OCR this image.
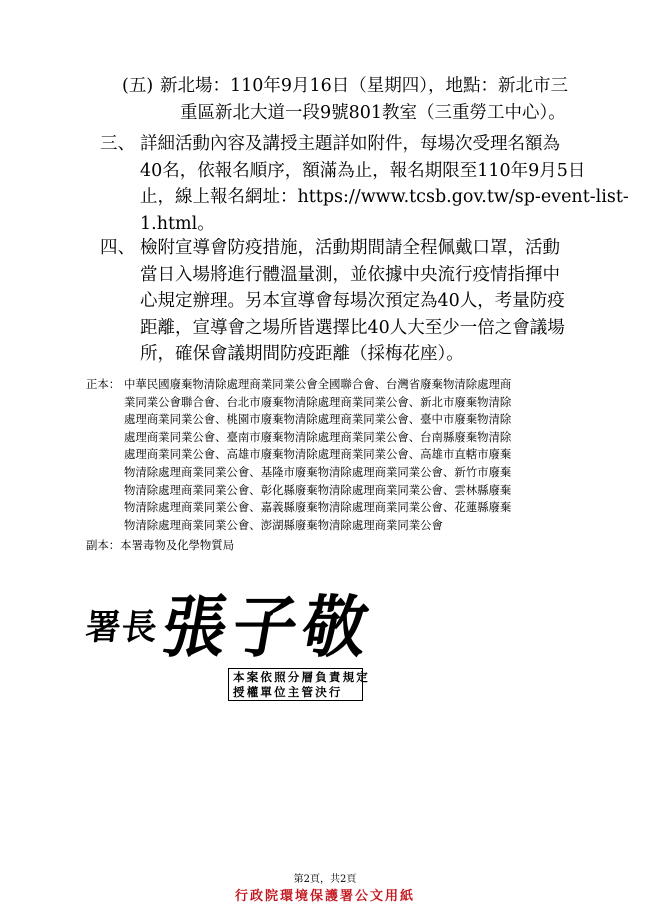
(五) 新北場：110年9月16日（星期四），地點：新北市三
重區新北大道一段9號801教室（三重勞工中心）。
三、 詳細活動內容及講授主題詳如附件，每場次受理名額為
40名，依報名順序，額滿為止，報名期限至110年9月5日
止，線上報名網址：https://www.tcsb.gov.tw/sp-event-list-
1.html。
四、 檢附宣導會防疫措施，活動期間請全程佩戴口罩，活動
當日入場將進行體溫量測，並依據中央流行疫情指揮中
心規定辦理。另本宣導會每場次預定為40人，考量防疫
距離，宣導會之場所皆選擇比40人大至少一倍之會議場
所，確保會議期間防疫距離（採梅花座）。
正本： 中華民國廢棄物清除處理商業同業公會全國聯合會、台灣省廢棄物清除處理商
業同業公會聯合會、台北市廢棄物清除處理商業同業公會、新北市廢棄物清除
處理商業同業公會、桃園市廢棄物清除處理商業同業公會、臺中市廢棄物清除
處理商業同業公會、臺南市廢棄物清除處理商業同業公會、台南縣廢棄物清除
處理商業同業公會、高雄市廢棄物清除處理商業同業公會、高雄市直轄市廢棄
物清除處理商業同業公會、基隆市廢棄物清除處理商業同業公會、新竹市廢棄
物清除處理商業同業公會、彰化縣廢棄物清除處理商業同業公會、雲林縣廢棄
物清除處理商業同業公會、嘉義縣廢棄物清除處理商業同業公會、花蓮縣廢棄
物清除處理商業同業公會、澎湖縣廢棄物清除處理商業同業公會
副本：本署毒物及化學物質局
署長
張子敬
本案依照分層負責規定
授權單位主管決行
第2頁，共2頁
行政院環境保護署公文用紙
